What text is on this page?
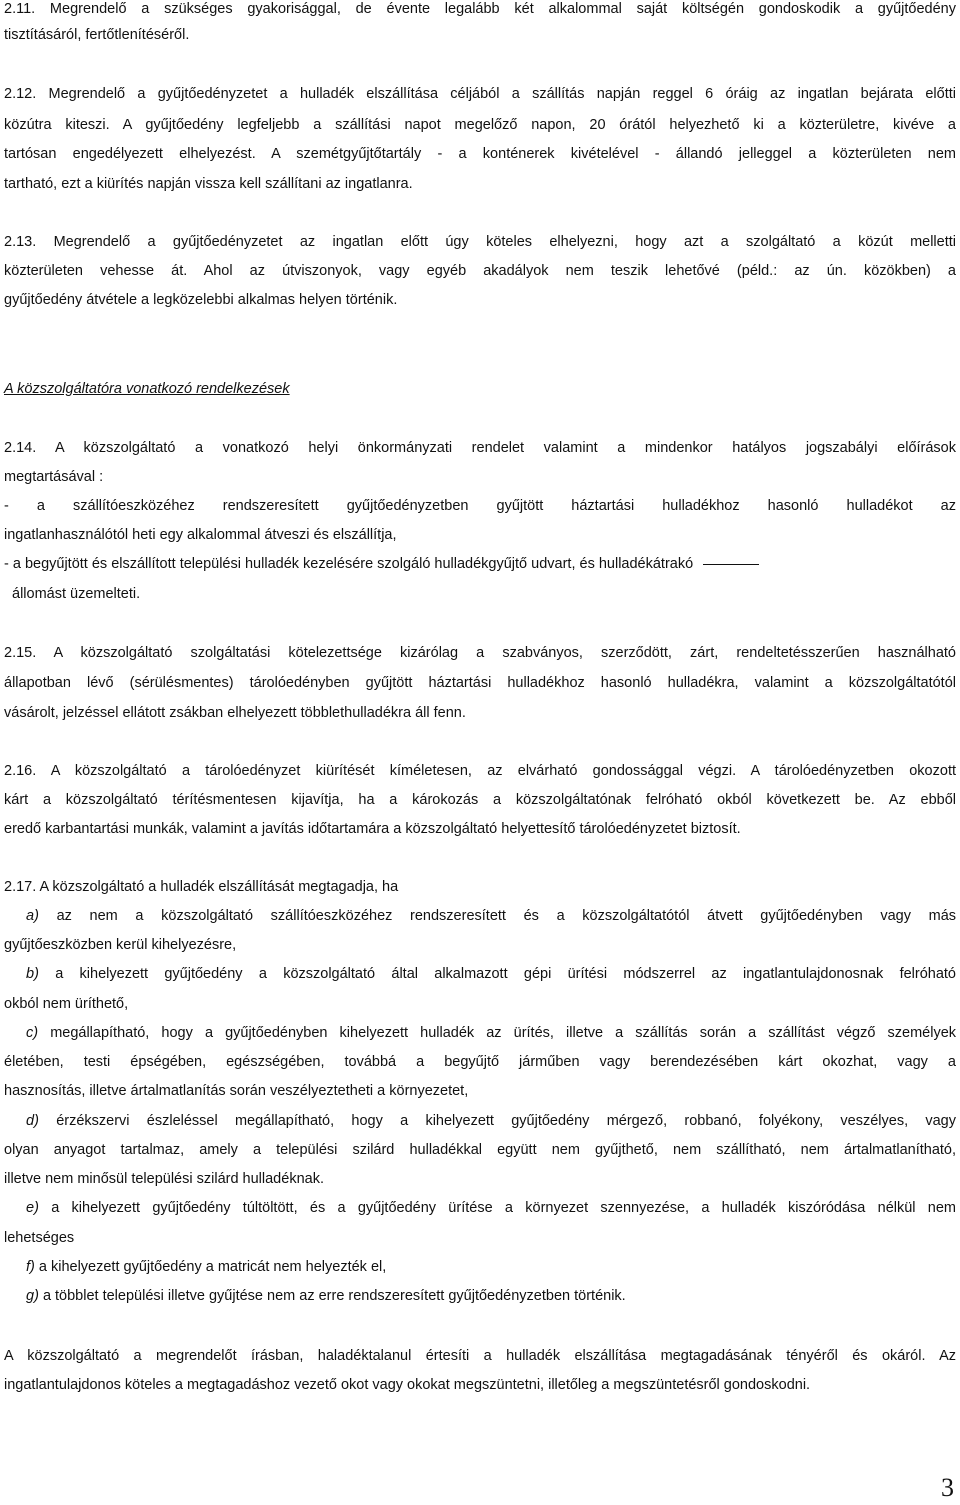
2.11. Megrendelő a szükséges gyakorisággal, de évente legalább két alkalommal saját költségén gondoskodik a gyűjtőedény
tisztításáról, fertőtlenítéséről.
2.12. Megrendelő a gyűjtőedényzetet a hulladék elszállítása céljából a szállítás napján reggel 6 óráig az ingatlan bejárata előtti
közútra kiteszi. A gyűjtőedény legfeljebb a szállítási napot megelőző napon, 20 órától helyezhető ki a közterületre, kivéve a
tartósan engedélyezett elhelyezést. A szemétgyűjtőtartály - a konténerek kivételével - állandó jelleggel a közterületen nem
tartható, ezt a kiürítés napján vissza kell szállítani az ingatlanra.
2.13. Megrendelő a gyűjtőedényzetet az ingatlan előtt úgy köteles elhelyezni, hogy azt a szolgáltató a közút melletti
közterületen vehesse át. Ahol az útviszonyok, vagy egyéb akadályok nem teszik lehetővé (péld.: az ún. közökben) a
gyűjtőedény átvétele a legközelebbi alkalmas helyen történik.
A közszolgáltatóra vonatkozó rendelkezések
2.14. A közszolgáltató a vonatkozó helyi önkormányzati rendelet valamint a mindenkor hatályos jogszabályi előírások
megtartásával :
- a szállítóeszközéhez rendszeresített gyűjtőedényzetben gyűjtött háztartási hulladékhoz hasonló hulladékot az
ingatlanhasználótól heti egy alkalommal átveszi és elszállítja,
- a begyűjtött és elszállított települési hulladék kezelésére szolgáló hulladékgyűjtő udvart, és hulladékátrakó
állomást üzemelteti.
2.15. A közszolgáltató szolgáltatási kötelezettsége kizárólag a szabványos, szerződött, zárt, rendeltetésszerűen használható
állapotban lévő (sérülésmentes) tárolóedényben gyűjtött háztartási hulladékhoz hasonló hulladékra, valamint a közszolgáltatótól
vásárolt, jelzéssel ellátott zsákban elhelyezett többlethulladékra áll fenn.
2.16. A közszolgáltató a tárolóedényzet kiürítését kíméletesen, az elvárható gondossággal végzi. A tárolóedényzetben okozott
kárt a közszolgáltató térítésmentesen kijavítja, ha a károkozás a közszolgáltatónak felróható okból következett be. Az ebből
eredő karbantartási munkák, valamint a javítás időtartamára a közszolgáltató helyettesítő tárolóedényzetet biztosít.
2.17. A közszolgáltató a hulladék elszállítását megtagadja, ha
a) az nem a közszolgáltató szállítóeszközéhez rendszeresített és a közszolgáltatótól átvett gyűjtőedényben vagy más
gyűjtőeszközben kerül kihelyezésre,
b) a kihelyezett gyűjtőedény a közszolgáltató által alkalmazott gépi ürítési módszerrel az ingatlantulajdonosnak felróható
okból nem üríthető,
c) megállapítható, hogy a gyűjtőedényben kihelyezett hulladék az ürítés, illetve a szállítás során a szállítást végző személyek
életében, testi épségében, egészségében, továbbá a begyűjtő járműben vagy berendezésében kárt okozhat, vagy a
hasznosítás, illetve ártalmatlanítás során veszélyeztetheti a környezetet,
d) érzékszervi észleléssel megállapítható, hogy a kihelyezett gyűjtőedény mérgező, robbanó, folyékony, veszélyes, vagy
olyan anyagot tartalmaz, amely a települési szilárd hulladékkal együtt nem gyűjthető, nem szállítható, nem ártalmatlanítható,
illetve nem minősül települési szilárd hulladéknak.
e) a kihelyezett gyűjtőedény túltöltött, és a gyűjtőedény ürítése a környezet szennyezése, a hulladék kiszóródása nélkül nem
lehetséges
f) a kihelyezett gyűjtőedény a matricát nem helyezték el,
g) a többlet települési illetve gyűjtése nem az erre rendszeresített gyűjtőedényzetben történik.
A közszolgáltató a megrendelőt írásban, haladéktalanul értesíti a hulladék elszállítása megtagadásának tényéről és okáról. Az
ingatlantulajdonos köteles a megtagadáshoz vezető okot vagy okokat megszüntetni, illetőleg a megszüntetésről gondoskodni.
3
